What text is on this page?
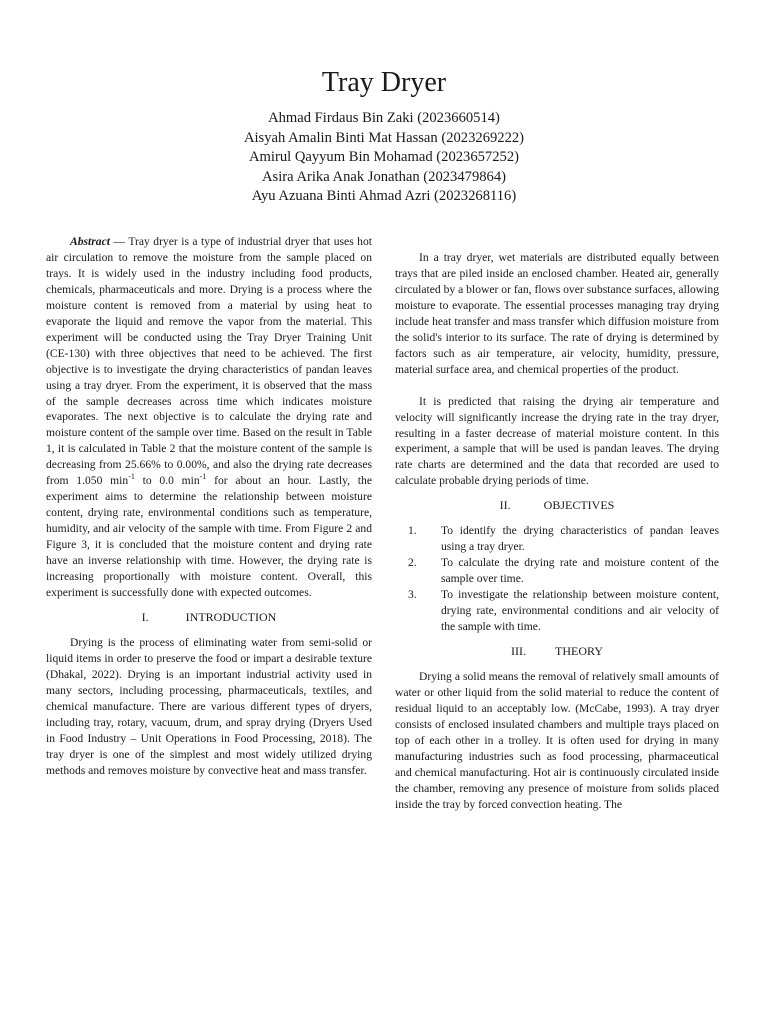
Tray Dryer
Ahmad Firdaus Bin Zaki (2023660514)
Aisyah Amalin Binti Mat Hassan (2023269222)
Amirul Qayyum Bin Mohamad (2023657252)
Asira Arika Anak Jonathan (2023479864)
Ayu Azuana Binti Ahmad Azri (2023268116)

Abstract — Tray dryer is a type of industrial dryer that uses hot air circulation to remove the moisture from the sample placed on trays. It is widely used in the industry including food products, chemicals, pharmaceuticals and more. Drying is a process where the moisture content is removed from a material by using heat to evaporate the liquid and remove the vapor from the material. This experiment will be conducted using the Tray Dryer Training Unit (CE-130) with three objectives that need to be achieved. The first objective is to investigate the drying characteristics of pandan leaves using a tray dryer. From the experiment, it is observed that the mass of the sample decreases across time which indicates moisture evaporates. The next objective is to calculate the drying rate and moisture content of the sample over time. Based on the result in Table 1, it is calculated in Table 2 that the moisture content of the sample is decreasing from 25.66% to 0.00%, and also the drying rate decreases from 1.050 $\min^{-1}$ to 0.0 $\min^{-1}$ for about an hour. Lastly, the experiment aims to determine the relationship between moisture content, drying rate, environmental conditions such as temperature, humidity, and air velocity of the sample with time. From Figure 2 and Figure 3, it is concluded that the moisture content and drying rate have an inverse relationship with time. However, the drying rate is increasing proportionally with moisture content. Overall, this experiment is successfully done with expected outcomes.

I.	INTRODUCTION

Drying is the process of eliminating water from semi-solid or liquid items in order to preserve the food or impart a desirable texture (Dhakal, 2022). Drying is an important industrial activity used in many sectors, including processing, pharmaceuticals, textiles, and chemical manufacture. There are various different types of dryers, including tray, rotary, vacuum, drum, and spray drying (Dryers Used in Food Industry – Unit Operations in Food Processing, 2018). The tray dryer is one of the simplest and most widely utilized drying methods and removes moisture by convective heat and mass transfer.

In a tray dryer, wet materials are distributed equally between trays that are piled inside an enclosed chamber. Heated air, generally circulated by a blower or fan, flows over substance surfaces, allowing moisture to evaporate. The essential processes managing tray drying include heat transfer and mass transfer which diffusion moisture from the solid's interior to its surface. The rate of drying is determined by factors such as air temperature, air velocity, humidity, pressure, material surface area, and chemical properties of the product.

It is predicted that raising the drying air temperature and velocity will significantly increase the drying rate in the tray dryer, resulting in a faster decrease of material moisture content. In this experiment, a sample that will be used is pandan leaves. The drying rate charts are determined and the data that recorded are used to calculate probable drying periods of time.

II.	OBJECTIVES
1. To identify the drying characteristics of pandan leaves using a tray dryer.
2. To calculate the drying rate and moisture content of the sample over time.
3. To investigate the relationship between moisture content, drying rate, environmental conditions and air velocity of the sample with time.
III. THEORY

Drying a solid means the removal of relatively small amounts of water or other liquid from the solid material to reduce the content of residual liquid to an acceptably low. (McCabe, 1993). A tray dryer consists of enclosed insulated chambers and multiple trays placed on top of each other in a trolley. It is often used for drying in many manufacturing industries such as food processing, pharmaceutical and chemical manufacturing. Hot air is continuously circulated inside the chamber, removing any presence of moisture from solids placed inside the tray by forced convection heating. The
